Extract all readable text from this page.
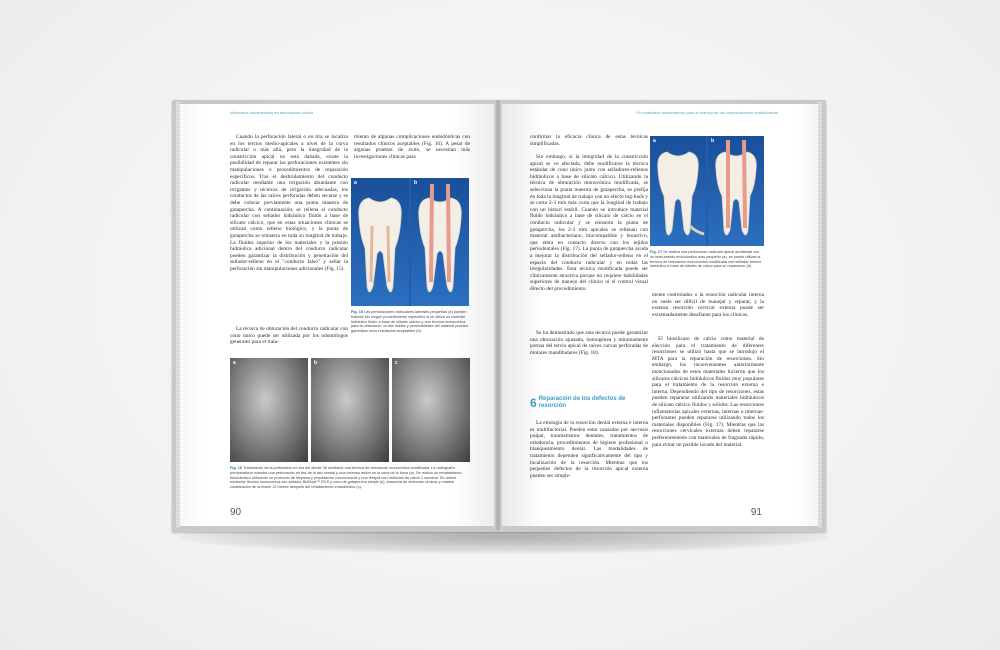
Materiales biocerámicos en endodoncia clínica

Cuando la perforación lateral o en tira se localiza en los tercios medio-apicales a nivel de la curva radicular o más allá, pero la integridad de la constricción apical no está dañada, existe la posibilidad de reparar las perforaciones existentes sin manipulaciones o procedimientos de reparación específicos. Tras el desbridamiento del conducto radicular mediante una irrigación abundante con irrigantes y técnicas de irrigación adecuadas, los conductos de las raíces perforadas deben secarse y se debe colocar previamente una punta maestra de gutapercha. A continuación, se rellena el conducto radicular con sellador hidráulico fluido a base de silicato cálcico, que en estas situaciones clínicas se utilizan como relleno biológico, y la punta de gutapercha se reinserta en toda su longitud de trabajo. La fluidez superior de los materiales y la presión hidráulica adicional dentro del conducto radicular pueden garantizar la distribución y penetración del sellador-relleno en el "conducto falso" y sellar la perforación sin manipulaciones adicionales (Fig. 15).

La técnica de obturación del conducto radicular con cono único puede ser utilizada por los odontólogos generales para el trata-

miento de algunas complicaciones endodónticas con resultados clínicos aceptables (Fig. 16). A pesar de algunas pruebas de éxito, se necesitan más investigaciones clínicas para

a	b
Fig. 15 Las perforaciones radiculares laterales pequeñas (a) pueden tratarse sin ningún procedimiento específico si se utiliza un material hidráulico fluido a base de silicato cálcico y una técnica monocónica para la obturación; la alta fluidez y penetrabilidad del material pueden garantizar unos resultados aceptables (b).
a	b	c
Fig. 16 Tratamiento de la perforación en tira del diente 36 mediante una técnica de obturación monocónica modificada: La radiografía preoperatoria muestra una perforación en tira de la raíz mesial y una extensa lesión en la zona de la furca (a). Se realizó un retratamiento endodóntico utilizando un protocolo de limpieza y preparación convencional y una terapia con hidróxido de calcio 1 semana. Se obturó mediante técnica monocónica con sellador BioRoot™ RCS y cono de gutapercha simple (b). Ausencia de síntomas clínicos y notable cicatrización de la lesión 12 meses después del retratamiento endodóntico (c).
90
Os materiales biocerámicos para el manejo de las complicaciones endodónticas

confirmar la eficacia clínica de estas técnicas simplificadas.

Sin embargo, si la integridad de la constricción apical se ve afectada, debe modificarse la técnica estándar de cono único junto con selladores-rellenos hidráulicos a base de silicato cálcico. Utilizando la técnica de obturación monocónica modificada, se selecciona la punta maestra de gutapercha, se prefija en toda la longitud de trabajo con un efecto tug-back y se corta 2-3 mm más corta que la longitud de trabajo con un bisturí estéril. Cuando se introduce material fluido hidráulico a base de silicato de calcio en el conducto radicular y se reinserta la punta de gutapercha, los 2-3 mm apicales se rellenan con material antibacteriano, biocompatible y bioactivo, que entra en contacto directo con los tejidos periodontales (Fig. 17). La punta de gutapercha ayuda a mejorar la distribución del sellador-relleno en el espacio del conducto radicular y en todas las irregularidades. Esta técnica modificada puede ser clínicamente atractiva porque no requiere habilidades superiores de manejo del clínico ni el control visual directo del procedimiento.

Se ha demostrado que esta técnica puede garantizar una obturación ajustada, homogénea y mínimamente porosa del tercio apical de raíces curvas perforadas de molares mandibulares (Fig. 18).

6 Reparación de los defectos de resorción

La etiología de la resorción dental externa e interna es multifactorial. Pueden estar causadas por necrosis pulpar, traumatismos dentales, tratamientos de ortodoncia, procedimientos de higiene profesional o blanqueamiento dental. Las modalidades de tratamiento dependen significativamente del tipo y localización de la resorción. Mientras que los pequeños defectos de la resorción apical externa pueden ser simple-

a	b
Fig. 17 Se realiza una perforación radicular apical accidental con un instrumento endodóntico más pequeño (a), se puede utilizar la técnica de obturación monocónica modificada con sellador-relleno hidráulico a base de silicato de calcio para su reparación (b).

mente controlados o la resorción radicular interna no suele ser difícil de manejar y reparar, y la extensa resorción cervical externa puede ser extremadamente desafiante para los clínicos.

El biosilicato de calcio como material de elección para el tratamiento de diferentes resorciones se utilizó hasta que se introdujo el MTA para la reparación de resorciones. Sin embargo, los inconvenientes anteriormente mencionados de estos materiales hicieron que los silicatos cálcicos hidráulicos fluidos muy populares para el tratamiento de la resorción externa e interna. Dependiendo del tipo de resorciones, estas pueden repararse utilizando materiales hidráulicos de silicato cálcico fluidos y sólidos. Las resorciones inflamatorias apicales externas, internas o internas-perforantes pueden repararse utilizando todos los materiales disponibles (Fig. 17). Mientras que las resorciones cervicales externas deben repararse preferentemente con materiales de fraguado rápido, para evitar un posible lavado del material.

91
